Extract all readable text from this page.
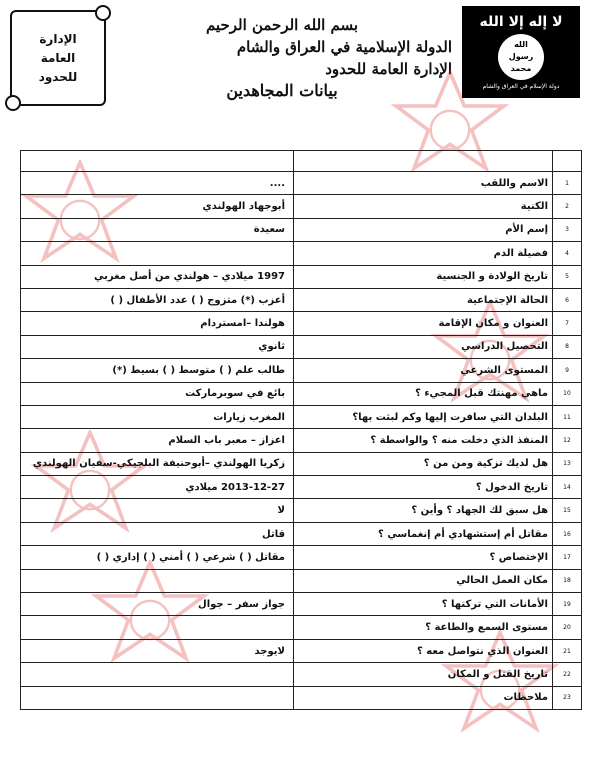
الإدارة
العامة
للحدود
بسم الله الرحمن الرحيم
الدولة الإسلامية في العراق والشام
الإدارة العامة للحدود
بيانات المجاهدين
لا إله إلا الله
الله
رسول
محمد
دولة الإسلام في العراق والشام

1	الاسم واللقب	....
2	الكنية	أبوجهاد الهولندي
3	إسم الأم	سعيدة
4	فصيلة الدم	
5	تاريخ الولادة و الجنسية	1997 ميلادي – هولندي من أصل مغربي
6	الحالة الإجتماعية	أعزب (*) متزوج ( ) عدد الأطفال ( )
7	العنوان و مكان الإقامة	هولندا –امستردام
8	التحصيل الدراسي	ثانوي
9	المستوى الشرعي	طالب علم ( ) متوسط ( ) بسيط (*)
10	ماهي مهنتك قبل المجيء ؟	بائع في سوبرماركت
11	البلدان التي سافرت إليها وكم لبثت بها؟	المغرب زيارات
12	المنفذ الذي دخلت منه ؟ والواسطة ؟	اعزاز – معبر باب السلام
13	هل لديك تزكية ومن من ؟	زكريا الهولندي –أبوحنيفة البلجيكي-سفيان الهولندي
14	تاريخ الدخول ؟	2013-12-27 ميلادي
15	هل سبق لك الجهاد ؟ وأين ؟	لا
16	مقاتل أم إستشهادي أم إنغماسي ؟	قاتل
17	الإختصاص ؟	مقاتل ( ) شرعي ( ) أمني ( ) إداري ( )
18	مكان العمل الحالي	
19	الأمانات التي تركتها ؟	جواز سفر – جوال
20	مستوى السمع والطاعة ؟	
21	العنوان الذي نتواصل معه ؟	لايوجد
22	تاريخ القتل و المكان	
23	ملاحظات	
